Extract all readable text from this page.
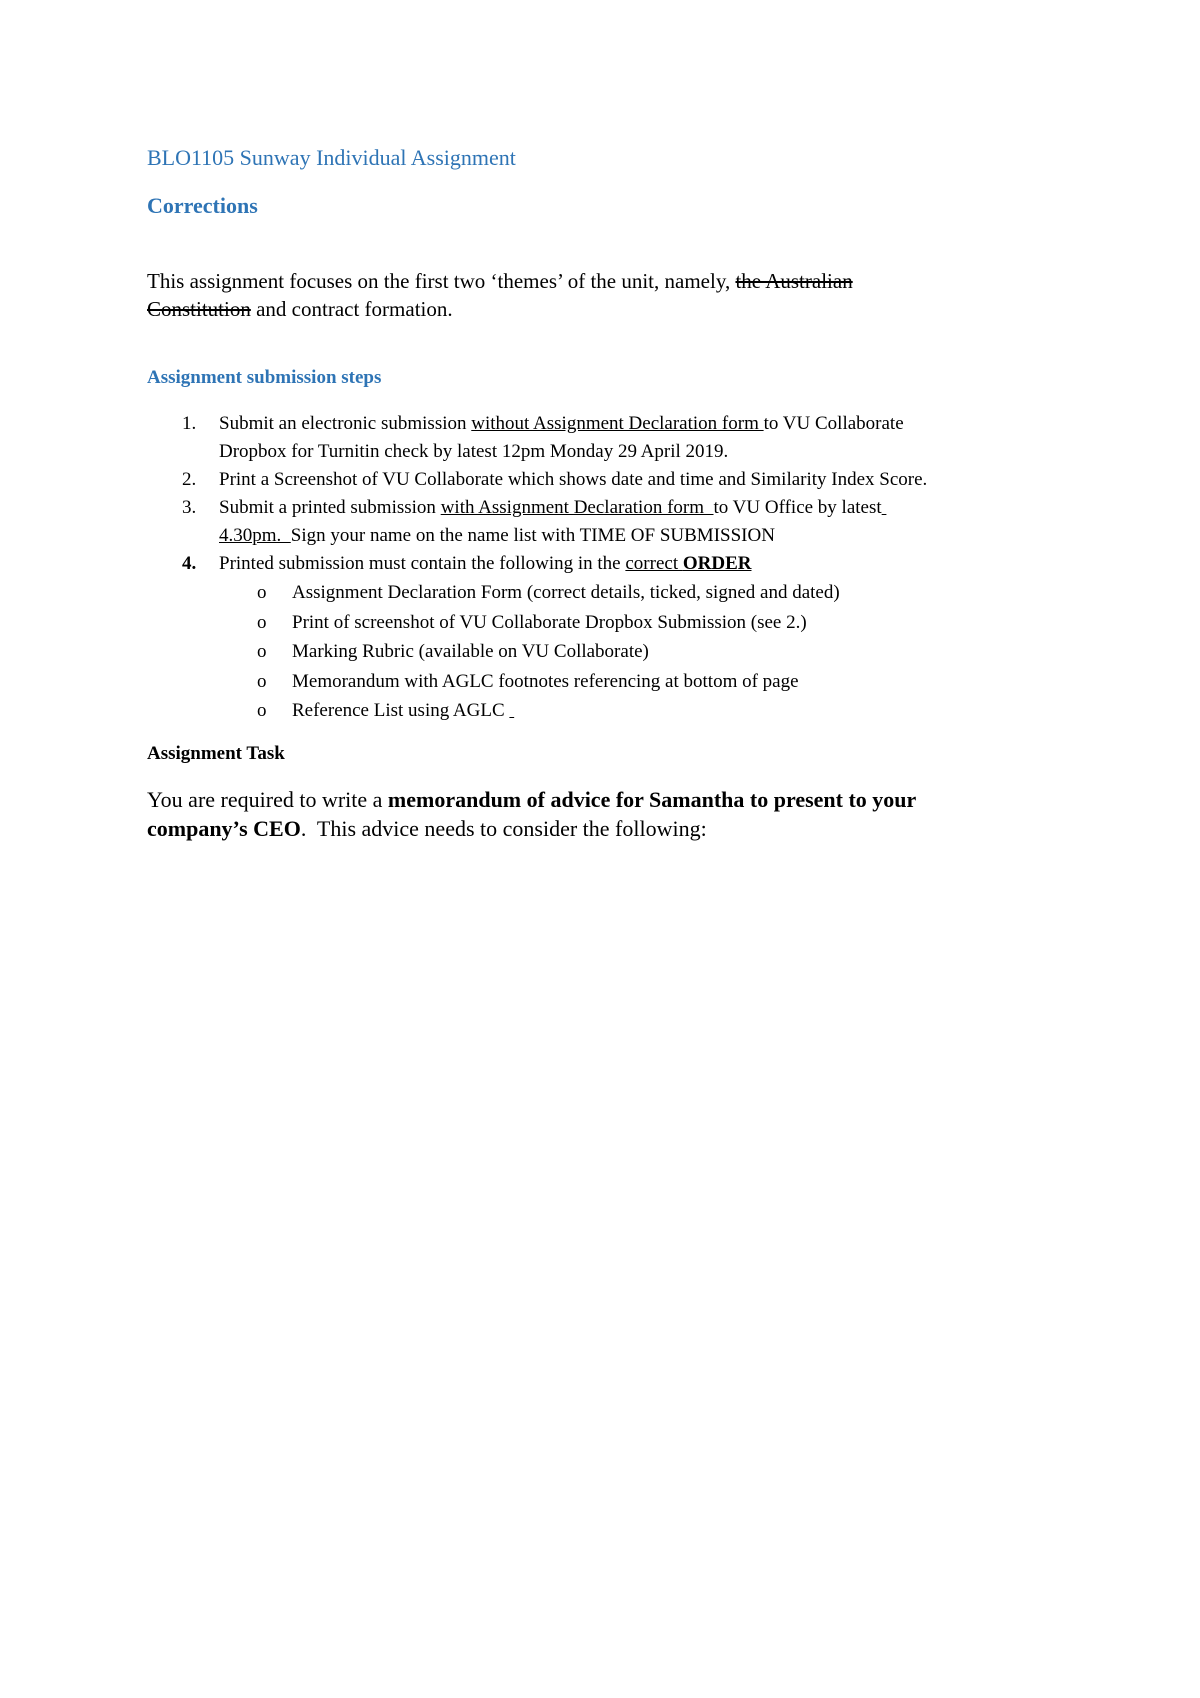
BLO1105 Sunway Individual Assignment
Corrections
This assignment focuses on the first two ‘themes’ of the unit, namely, the Australian
Constitution and contract formation.
Assignment submission steps
1. Submit an electronic submission without Assignment Declaration form to VU Collaborate
Dropbox for Turnitin check by latest 12pm Monday 29 April 2019.
2. Print a Screenshot of VU Collaborate which shows date and time and Similarity Index Score.
3. Submit a printed submission with Assignment Declaration form  to VU Office by latest
4.30pm.  Sign your name on the name list with TIME OF SUBMISSION
4. Printed submission must contain the following in the correct ORDER
o Assignment Declaration Form (correct details, ticked, signed and dated)
o Print of screenshot of VU Collaborate Dropbox Submission (see 2.)
o Marking Rubric (available on VU Collaborate)
o Memorandum with AGLC footnotes referencing at bottom of page
o Reference List using AGLC
Assignment Task
You are required to write a memorandum of advice for Samantha to present to your
company’s CEO.  This advice needs to consider the following:
